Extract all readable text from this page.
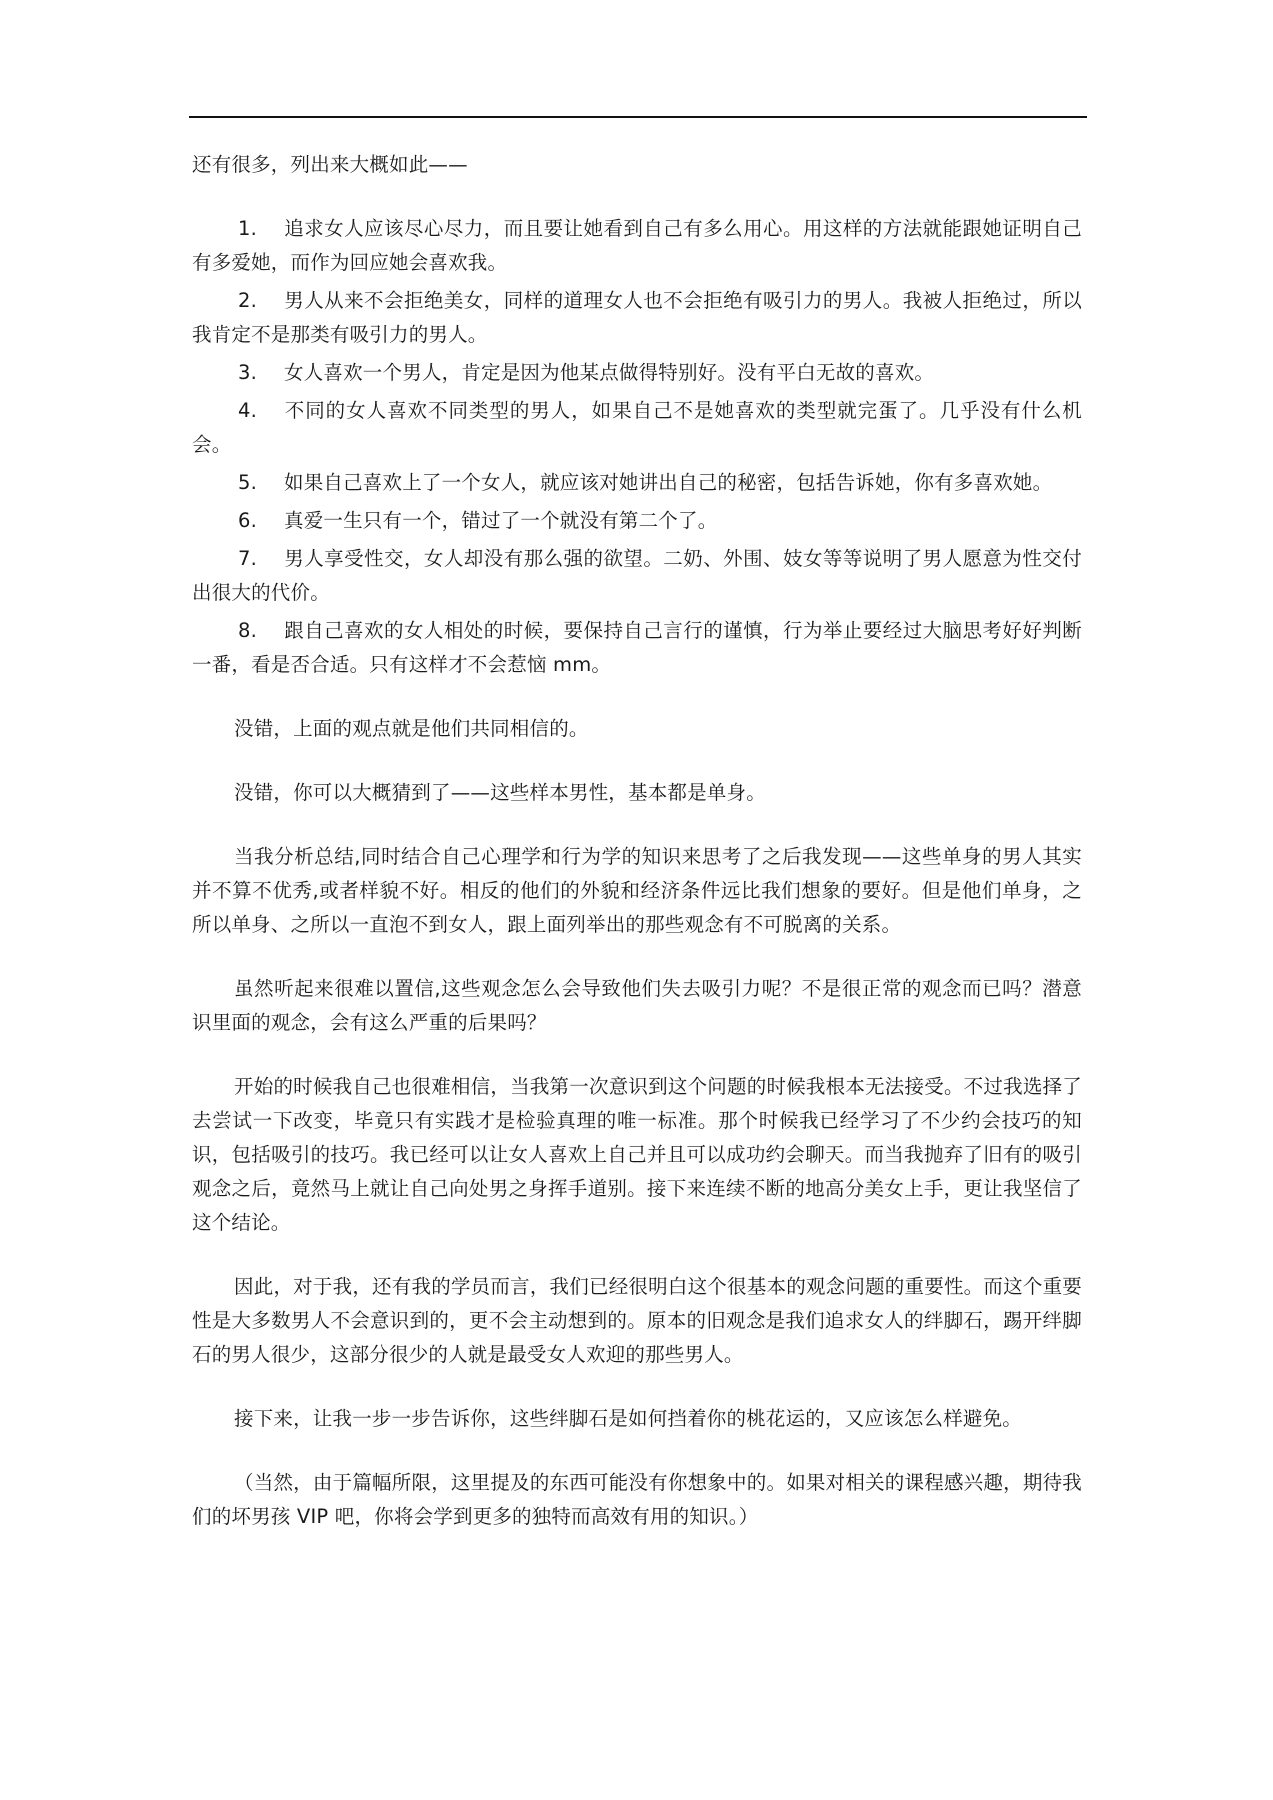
还有很多，列出来大概如此——

1. 追求女人应该尽心尽力，而且要让她看到自己有多么用心。用这样的方法就能跟她证明自己有多爱她，而作为回应她会喜欢我。

2. 男人从来不会拒绝美女，同样的道理女人也不会拒绝有吸引力的男人。我被人拒绝过，所以我肯定不是那类有吸引力的男人。

3. 女人喜欢一个男人，肯定是因为他某点做得特别好。没有平白无故的喜欢。

4. 不同的女人喜欢不同类型的男人，如果自己不是她喜欢的类型就完蛋了。几乎没有什么机会。

5. 如果自己喜欢上了一个女人，就应该对她讲出自己的秘密，包括告诉她，你有多喜欢她。

6. 真爱一生只有一个，错过了一个就没有第二个了。

7. 男人享受性交，女人却没有那么强的欲望。二奶、外围、妓女等等说明了男人愿意为性交付出很大的代价。

8. 跟自己喜欢的女人相处的时候，要保持自己言行的谨慎，行为举止要经过大脑思考好好判断一番，看是否合适。只有这样才不会惹恼 mm。

没错，上面的观点就是他们共同相信的。

没错，你可以大概猜到了——这些样本男性，基本都是单身。

当我分析总结,同时结合自己心理学和行为学的知识来思考了之后我发现——这些单身的男人其实并不算不优秀,或者样貌不好。相反的他们的外貌和经济条件远比我们想象的要好。但是他们单身，之所以单身、之所以一直泡不到女人，跟上面列举出的那些观念有不可脱离的关系。

虽然听起来很难以置信,这些观念怎么会导致他们失去吸引力呢？不是很正常的观念而已吗？潜意识里面的观念，会有这么严重的后果吗？

开始的时候我自己也很难相信，当我第一次意识到这个问题的时候我根本无法接受。不过我选择了去尝试一下改变，毕竟只有实践才是检验真理的唯一标准。那个时候我已经学习了不少约会技巧的知识，包括吸引的技巧。我已经可以让女人喜欢上自己并且可以成功约会聊天。而当我抛弃了旧有的吸引观念之后，竟然马上就让自己向处男之身挥手道别。接下来连续不断的地高分美女上手，更让我坚信了这个结论。

因此，对于我，还有我的学员而言，我们已经很明白这个很基本的观念问题的重要性。而这个重要性是大多数男人不会意识到的，更不会主动想到的。原本的旧观念是我们追求女人的绊脚石，踢开绊脚石的男人很少，这部分很少的人就是最受女人欢迎的那些男人。

接下来，让我一步一步告诉你，这些绊脚石是如何挡着你的桃花运的，又应该怎么样避免。

（当然，由于篇幅所限，这里提及的东西可能没有你想象中的。如果对相关的课程感兴趣，期待我们的坏男孩 VIP 吧，你将会学到更多的独特而高效有用的知识。）
